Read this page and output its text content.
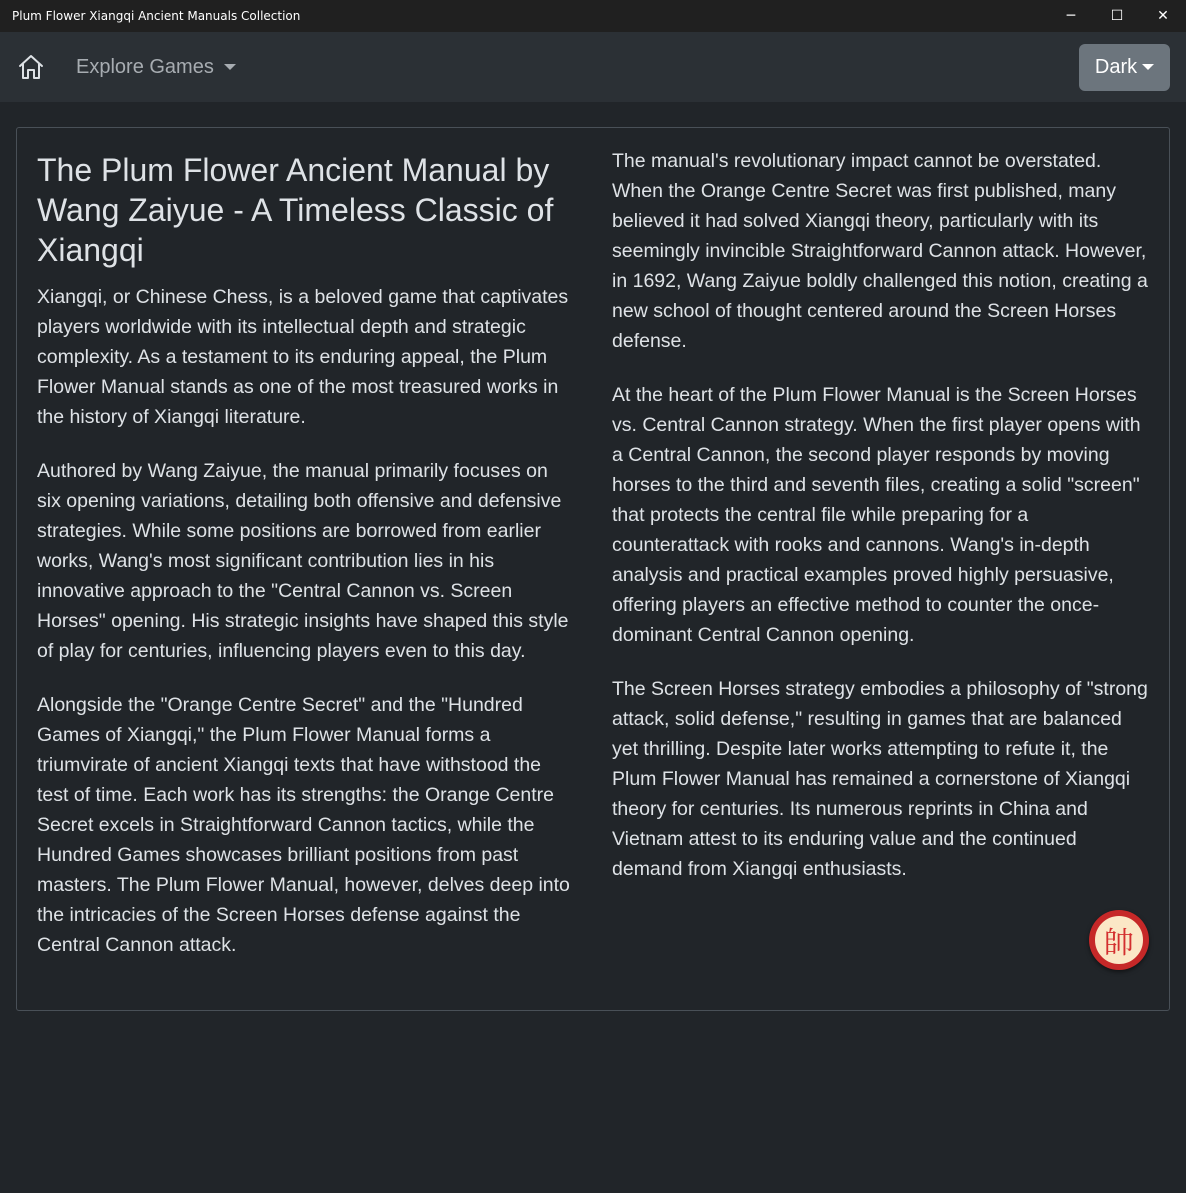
Plum Flower Xiangqi Ancient Manuals Collection	─	☐	✕
Explore Games	Dark
The Plum Flower Ancient Manual by Wang Zaiyue - A Timeless Classic of Xiangqi

Xiangqi, or Chinese Chess, is a beloved game that captivates players worldwide with its intellectual depth and strategic complexity. As a testament to its enduring appeal, the Plum Flower Manual stands as one of the most treasured works in the history of Xiangqi literature.

Authored by Wang Zaiyue, the manual primarily focuses on six opening variations, detailing both offensive and defensive strategies. While some positions are borrowed from earlier works, Wang's most significant contribution lies in his innovative approach to the "Central Cannon vs. Screen Horses" opening. His strategic insights have shaped this style of play for centuries, influencing players even to this day.

Alongside the "Orange Centre Secret" and the "Hundred Games of Xiangqi," the Plum Flower Manual forms a triumvirate of ancient Xiangqi texts that have withstood the test of time. Each work has its strengths: the Orange Centre Secret excels in Straightforward Cannon tactics, while the Hundred Games showcases brilliant positions from past masters. The Plum Flower Manual, however, delves deep into the intricacies of the Screen Horses defense against the Central Cannon attack.

The manual's revolutionary impact cannot be overstated. When the Orange Centre Secret was first published, many believed it had solved Xiangqi theory, particularly with its seemingly invincible Straightforward Cannon attack. However, in 1692, Wang Zaiyue boldly challenged this notion, creating a new school of thought centered around the Screen Horses defense.

At the heart of the Plum Flower Manual is the Screen Horses vs. Central Cannon strategy. When the first player opens with a Central Cannon, the second player responds by moving horses to the third and seventh files, creating a solid "screen" that protects the central file while preparing for a counterattack with rooks and cannons. Wang's in-depth analysis and practical examples proved highly persuasive, offering players an effective method to counter the once-dominant Central Cannon opening.

The Screen Horses strategy embodies a philosophy of "strong attack, solid defense," resulting in games that are balanced yet thrilling. Despite later works attempting to refute it, the Plum Flower Manual has remained a cornerstone of Xiangqi theory for centuries. Its numerous reprints in China and Vietnam attest to its enduring value and the continued demand from Xiangqi enthusiasts.

帥
